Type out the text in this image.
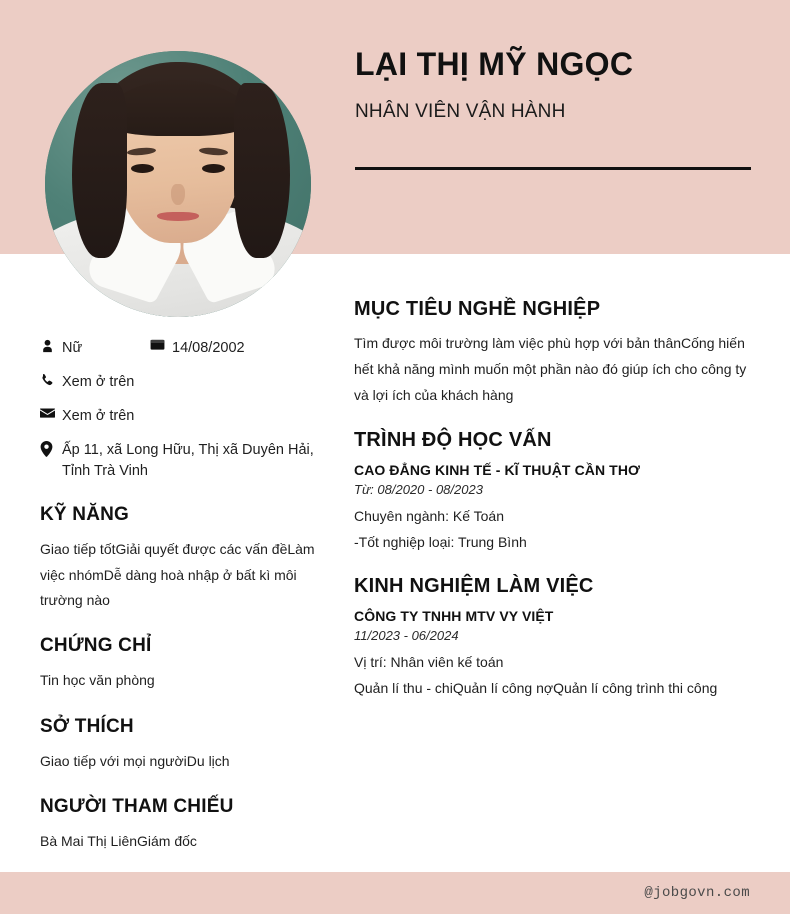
LẠI THỊ MỸ NGỌC
NHÂN VIÊN VẬN HÀNH
Nữ	14/08/2002
Xem ở trên
Xem ở trên
Ấp 11, xã Long Hữu, Thị xã Duyên Hải, Tỉnh Trà Vinh
KỸ NĂNG
Giao tiếp tốtGiải quyết được các vấn đềLàm việc nhómDễ dàng hoà nhập ở bất kì môi trường nào
CHỨNG CHỈ
Tin học văn phòng
SỞ THÍCH
Giao tiếp với mọi ngườiDu lịch
NGƯỜI THAM CHIẾU
Bà Mai Thị LiênGiám đốc
MỤC TIÊU NGHỀ NGHIỆP
Tìm được môi trường làm việc phù hợp với bản thânCống hiến hết khả năng mình muốn một phần nào đó giúp ích cho công ty và lợi ích của khách hàng
TRÌNH ĐỘ HỌC VẤN
CAO ĐẲNG KINH TẾ - KĨ THUẬT CẦN THƠ
Từ: 08/2020 - 08/2023
Chuyên ngành: Kế Toán
-Tốt nghiệp loại: Trung Bình
KINH NGHIỆM LÀM VIỆC
CÔNG TY TNHH MTV VY VIỆT
11/2023 - 06/2024
Vị trí: Nhân viên kế toán
Quản lí thu - chiQuản lí công nợQuản lí công trình thi công
@jobgovn.com
